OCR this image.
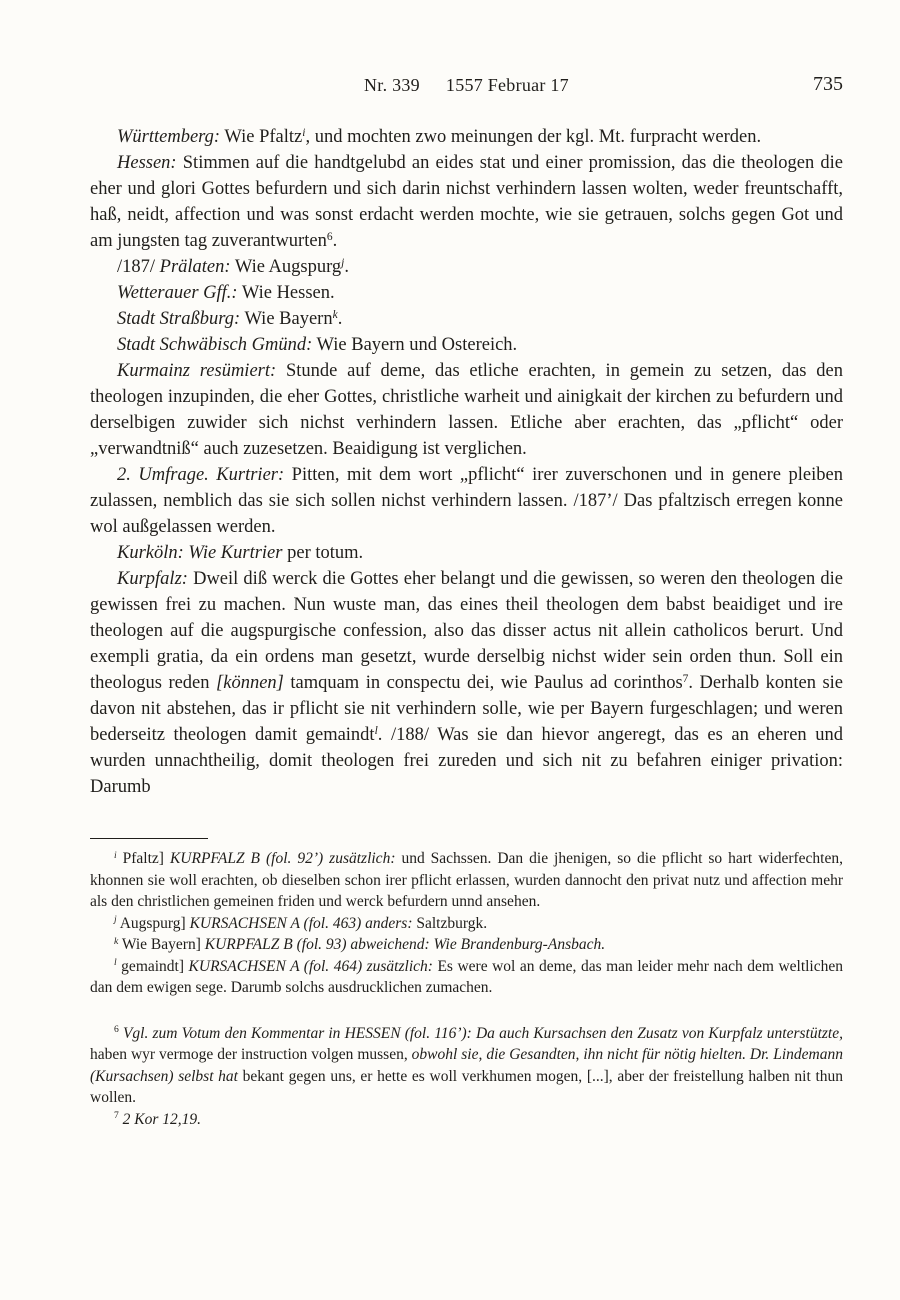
Nr. 339 1557 Februar 17	735

Württemberg: Wie Pfaltz$^i$, und mochten zwo meinungen der kgl. Mt. furpracht werden.

Hessen: Stimmen auf die handtgelubd an eides stat und einer promission, das die theologen die eher und glori Gottes befurdern und sich darin nichst verhindern lassen wolten, weder freuntschafft, haß, neidt, affection und was sonst erdacht werden mochte, wie sie getrauen, solchs gegen Got und am jungsten tag zuverantwurten$^6$.

/187/ Prälaten: Wie Augspurg$^j$.

Wetterauer Gff.: Wie Hessen.

Stadt Straßburg: Wie Bayern$^k$.

Stadt Schwäbisch Gmünd: Wie Bayern und Ostereich.

Kurmainz resümiert: Stunde auf deme, das etliche erachten, in gemein zu setzen, das den theologen inzupinden, die eher Gottes, christliche warheit und ainigkait der kirchen zu befurdern und derselbigen zuwider sich nichst verhindern lassen. Etliche aber erachten, das „pflicht“ oder „verwandtniß“ auch zuzesetzen. Beaidigung ist verglichen.

2. Umfrage. Kurtrier: Pitten, mit dem wort „pflicht“ irer zuverschonen und in genere pleiben zulassen, nemblich das sie sich sollen nichst verhindern lassen. /187’/ Das pfaltzisch erregen konne wol außgelassen werden.

Kurköln: Wie Kurtrier per totum.

Kurpfalz: Dweil diß werck die Gottes eher belangt und die gewissen, so weren den theologen die gewissen frei zu machen. Nun wuste man, das eines theil theologen dem babst beaidiget und ire theologen auf die augspurgische confession, also das disser actus nit allein catholicos berurt. Und exempli gratia, da ein ordens man gesetzt, wurde derselbig nichst wider sein orden thun. Soll ein theologus reden [können] tamquam in conspectu dei, wie Paulus ad corinthos$^7$. Derhalb konten sie davon nit abstehen, das ir pflicht sie nit verhindern solle, wie per Bayern furgeschlagen; und weren bederseitz theologen damit gemaindt$^l$. /188/ Was sie dan hievor angeregt, das es an eheren und wurden unnachtheilig, domit theologen frei zureden und sich nit zu befahren einiger privation: Darumb

$^i$ Pfaltz] KURPFALZ B (fol. 92’) zusätzlich: und Sachssen. Dan die jhenigen, so die pflicht so hart widerfechten, khonnen sie woll erachten, ob dieselben schon irer pflicht erlassen, wurden dannocht den privat nutz und affection mehr als den christlichen gemeinen friden und werck befurdern unnd ansehen.

$^j$ Augspurg] KURSACHSEN A (fol. 463) anders: Saltzburgk.

$^k$ Wie Bayern] KURPFALZ B (fol. 93) abweichend: Wie Brandenburg-Ansbach.

$^l$ gemaindt] KURSACHSEN A (fol. 464) zusätzlich: Es were wol an deme, das man leider mehr nach dem weltlichen dan dem ewigen sege. Darumb solchs ausdrucklichen zumachen.

$^6$ Vgl. zum Votum den Kommentar in HESSEN (fol. 116’): Da auch Kursachsen den Zusatz von Kurpfalz unterstützte, haben wyr vermoge der instruction volgen mussen, obwohl sie, die Gesandten, ihn nicht für nötig hielten. Dr. Lindemann (Kursachsen) selbst hat bekant gegen uns, er hette es woll verkhumen mogen, [...], aber der freistellung halben nit thun wollen.

$^7$ 2 Kor 12,19.
